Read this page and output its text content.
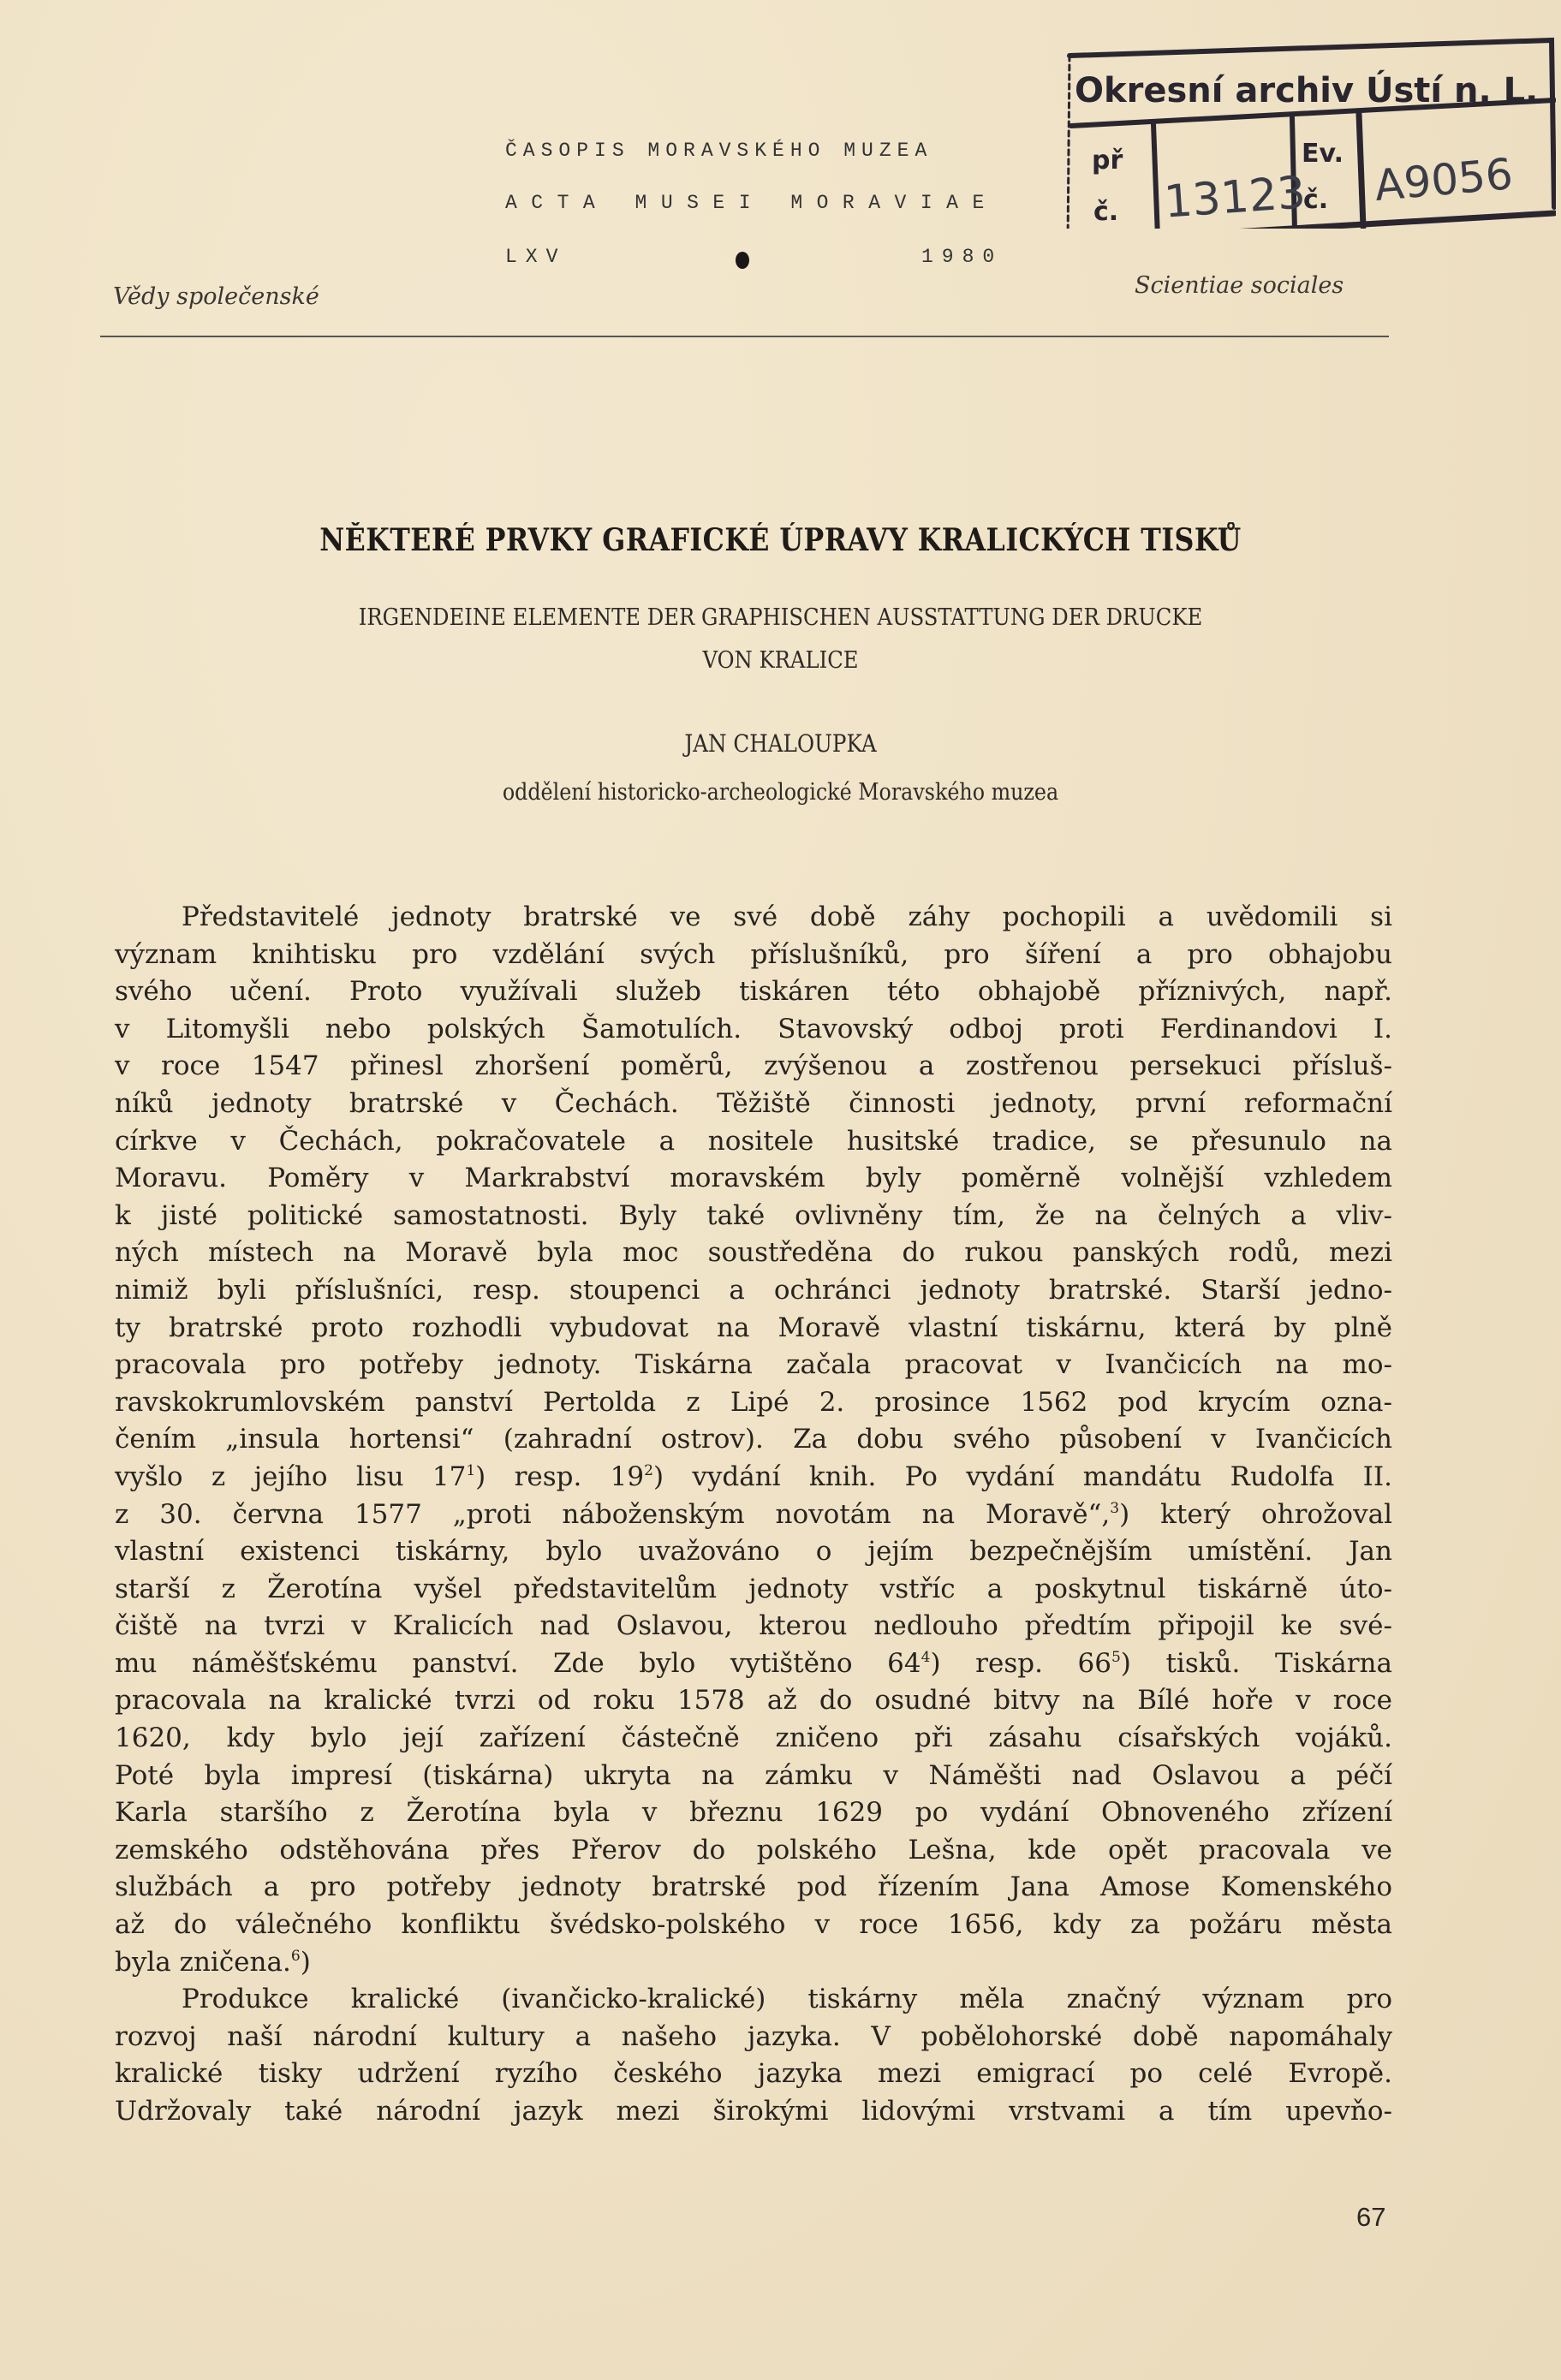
ČASOPIS MORAVSKÉHO MUZEA
ACTA MUSEI MORAVIAE
LXV	1980
Vědy společenské	Scientiae sociales
Okresní archiv Ústí n. L.
př
č. 13123
Ev.
č. A9056
NĚKTERÉ PRVKY GRAFICKÉ ÚPRAVY KRALICKÝCH TISKŮ
IRGENDEINE ELEMENTE DER GRAPHISCHEN AUSSTATTUNG DER DRUCKE
VON KRALICE
JAN CHALOUPKA
oddělení historicko-archeologické Moravského muzea
Představitelé jednoty bratrské ve své době záhy pochopili a uvědomili si
význam knihtisku pro vzdělání svých příslušníků, pro šíření a pro obhajobu
svého učení. Proto využívali služeb tiskáren této obhajobě příznivých, např.
v Litomyšli nebo polských Šamotulích. Stavovský odboj proti Ferdinandovi I.
v roce 1547 přinesl zhoršení poměrů, zvýšenou a zostřenou persekuci přísluš-
níků jednoty bratrské v Čechách. Těžiště činnosti jednoty, první reformační
církve v Čechách, pokračovatele a nositele husitské tradice, se přesunulo na
Moravu. Poměry v Markrabství moravském byly poměrně volnější vzhledem
k jisté politické samostatnosti. Byly také ovlivněny tím, že na čelných a vliv-
ných místech na Moravě byla moc soustředěna do rukou panských rodů, mezi
nimiž byli příslušníci, resp. stoupenci a ochránci jednoty bratrské. Starší jedno-
ty bratrské proto rozhodli vybudovat na Moravě vlastní tiskárnu, která by plně
pracovala pro potřeby jednoty. Tiskárna začala pracovat v Ivančicích na mo-
ravskokrumlovském panství Pertolda z Lipé 2. prosince 1562 pod krycím ozna-
čením „insula hortensi“ (zahradní ostrov). Za dobu svého působení v Ivančicích
vyšlo z jejího lisu $17^1$) resp. $19^2$) vydání knih. Po vydání mandátu Rudolfa II.
z 30. června 1577 „proti náboženským novotám na Moravě“,$^3$) který ohrožoval
vlastní existenci tiskárny, bylo uvažováno o jejím bezpečnějším umístění. Jan
starší z Žerotína vyšel představitelům jednoty vstříc a poskytnul tiskárně úto-
čiště na tvrzi v Kralicích nad Oslavou, kterou nedlouho předtím připojil ke své-
mu náměšťskému panství. Zde bylo vytištěno $64^4$) resp. $66^5$) tisků. Tiskárna
pracovala na kralické tvrzi od roku 1578 až do osudné bitvy na Bílé hoře v roce
1620, kdy bylo její zařízení částečně zničeno při zásahu císařských vojáků.
Poté byla impresí (tiskárna) ukryta na zámku v Náměšti nad Oslavou a péčí
Karla staršího z Žerotína byla v březnu 1629 po vydání Obnoveného zřízení
zemského odstěhována přes Přerov do polského Lešna, kde opět pracovala ve
službách a pro potřeby jednoty bratrské pod řízením Jana Amose Komenského
až do válečného konfliktu švédsko-polského v roce 1656, kdy za požáru města
byla zničena.$^6$)
Produkce kralické (ivančicko-kralické) tiskárny měla značný význam pro
rozvoj naší národní kultury a našeho jazyka. V pobělohorské době napomáhaly
kralické tisky udržení ryzího českého jazyka mezi emigrací po celé Evropě.
Udržovaly také národní jazyk mezi širokými lidovými vrstvami a tím upevňo-
67
